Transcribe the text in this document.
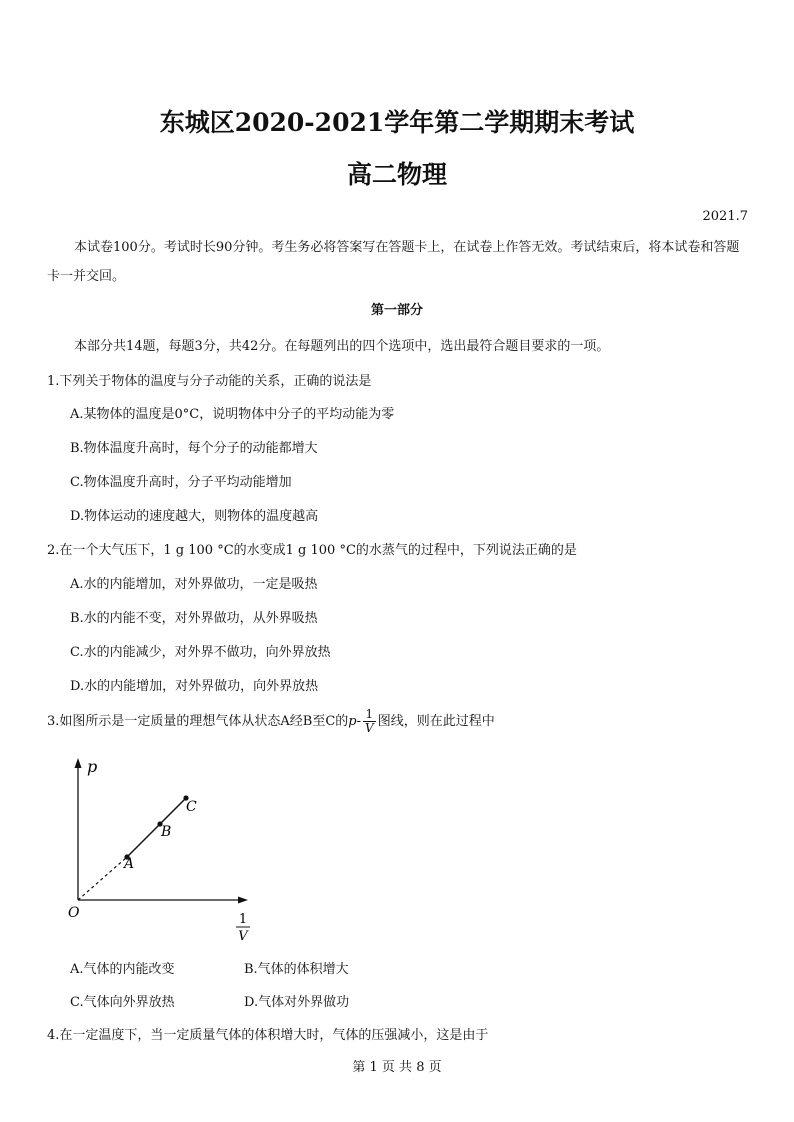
东城区2020-2021学年第二学期期末考试
高二物理
2021.7
本试卷100分。考试时长90分钟。考生务必将答案写在答题卡上，在试卷上作答无效。考试结束后，将本试卷和答题卡一并交回。
第一部分
本部分共14题，每题3分，共42分。在每题列出的四个选项中，选出最符合题目要求的一项。
1.下列关于物体的温度与分子动能的关系，正确的说法是
A.某物体的温度是0°C，说明物体中分子的平均动能为零
B.物体温度升高时，每个分子的动能都增大
C.物体温度升高时，分子平均动能增加
D.物体运动的速度越大，则物体的温度越高
2.在一个大气压下，1 g 100 °C的水变成1 g 100 °C的水蒸气的过程中，下列说法正确的是
A.水的内能增加，对外界做功，一定是吸热
B.水的内能不变，对外界做功，从外界吸热
C.水的内能减少，对外界不做功，向外界放热
D.水的内能增加，对外界做功，向外界放热
3.如图所示是一定质量的理想气体从状态A经B至C的$p- \frac{1}{V}$ 图线，则在此过程中
p
O
A
B
C
1
V
A.气体的内能改变	B.气体的体积增大
C.气体向外界放热	D.气体对外界做功
4.在一定温度下，当一定质量气体的体积增大时，气体的压强减小，这是由于
第 1 页 共 8 页
